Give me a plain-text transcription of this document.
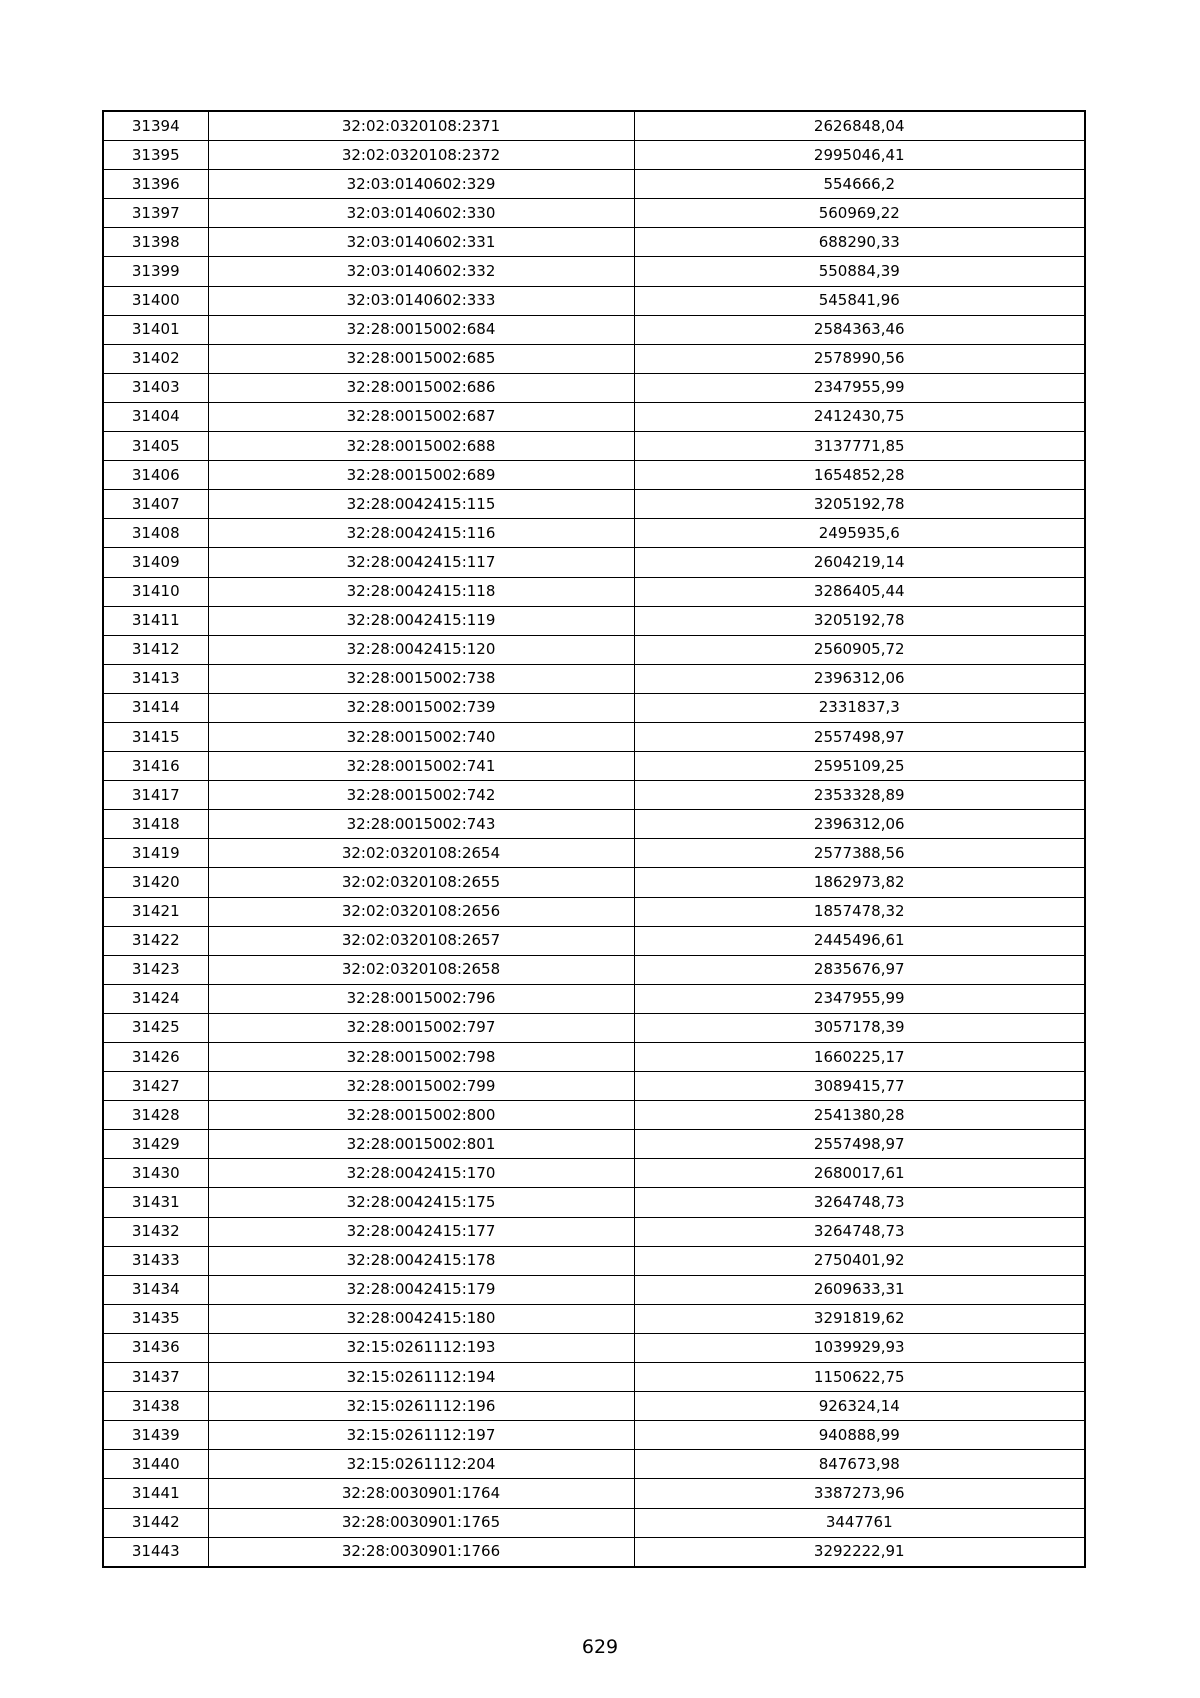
31394	32:02:0320108:2371	2626848,04
31395	32:02:0320108:2372	2995046,41
31396	32:03:0140602:329	554666,2
31397	32:03:0140602:330	560969,22
31398	32:03:0140602:331	688290,33
31399	32:03:0140602:332	550884,39
31400	32:03:0140602:333	545841,96
31401	32:28:0015002:684	2584363,46
31402	32:28:0015002:685	2578990,56
31403	32:28:0015002:686	2347955,99
31404	32:28:0015002:687	2412430,75
31405	32:28:0015002:688	3137771,85
31406	32:28:0015002:689	1654852,28
31407	32:28:0042415:115	3205192,78
31408	32:28:0042415:116	2495935,6
31409	32:28:0042415:117	2604219,14
31410	32:28:0042415:118	3286405,44
31411	32:28:0042415:119	3205192,78
31412	32:28:0042415:120	2560905,72
31413	32:28:0015002:738	2396312,06
31414	32:28:0015002:739	2331837,3
31415	32:28:0015002:740	2557498,97
31416	32:28:0015002:741	2595109,25
31417	32:28:0015002:742	2353328,89
31418	32:28:0015002:743	2396312,06
31419	32:02:0320108:2654	2577388,56
31420	32:02:0320108:2655	1862973,82
31421	32:02:0320108:2656	1857478,32
31422	32:02:0320108:2657	2445496,61
31423	32:02:0320108:2658	2835676,97
31424	32:28:0015002:796	2347955,99
31425	32:28:0015002:797	3057178,39
31426	32:28:0015002:798	1660225,17
31427	32:28:0015002:799	3089415,77
31428	32:28:0015002:800	2541380,28
31429	32:28:0015002:801	2557498,97
31430	32:28:0042415:170	2680017,61
31431	32:28:0042415:175	3264748,73
31432	32:28:0042415:177	3264748,73
31433	32:28:0042415:178	2750401,92
31434	32:28:0042415:179	2609633,31
31435	32:28:0042415:180	3291819,62
31436	32:15:0261112:193	1039929,93
31437	32:15:0261112:194	1150622,75
31438	32:15:0261112:196	926324,14
31439	32:15:0261112:197	940888,99
31440	32:15:0261112:204	847673,98
31441	32:28:0030901:1764	3387273,96
31442	32:28:0030901:1765	3447761
31443	32:28:0030901:1766	3292222,91
629
